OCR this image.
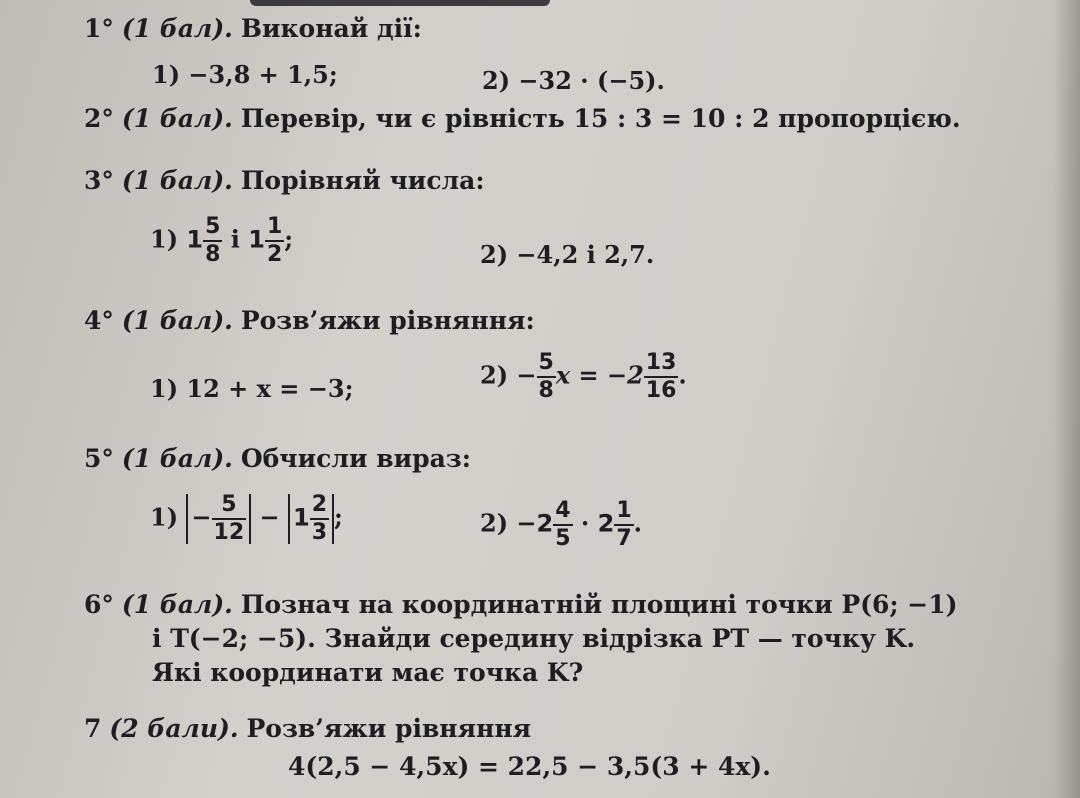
1° (1 бал). Виконай дії:
1) −3,8 + 1,5;	2) −32 · (−5).
2° (1 бал). Перевір, чи є рівність 15 : 3 = 10 : 2 пропорцією.
3° (1 бал). Порівняй числа:
1) $1 \frac{5}{8}$ і $1 \frac{1}{2}$ ;
2) −4,2 і 2,7.
4° (1 бал). Розв’яжи рівняння:
1) 12 + x = −3;	$2) - \frac{5}{8}$ $x = -2 \frac{13}{16}$ .
5° (1 бал). Обчисли вираз:
$1) - \frac{5}{12} - 1 \frac{2}{3}$ ;	$2) -2 \frac{4}{5} \cdot 2 \frac{1}{7}$ .
6° (1 бал). Познач на координатній площині точки P(6; −1)
і T(−2; −5). Знайди середину відрізка PT — точку K.
Які координати має точка K?
7 (2 бали). Розв’яжи рівняння
4(2,5 − 4,5x) = 22,5 − 3,5(3 + 4x).
